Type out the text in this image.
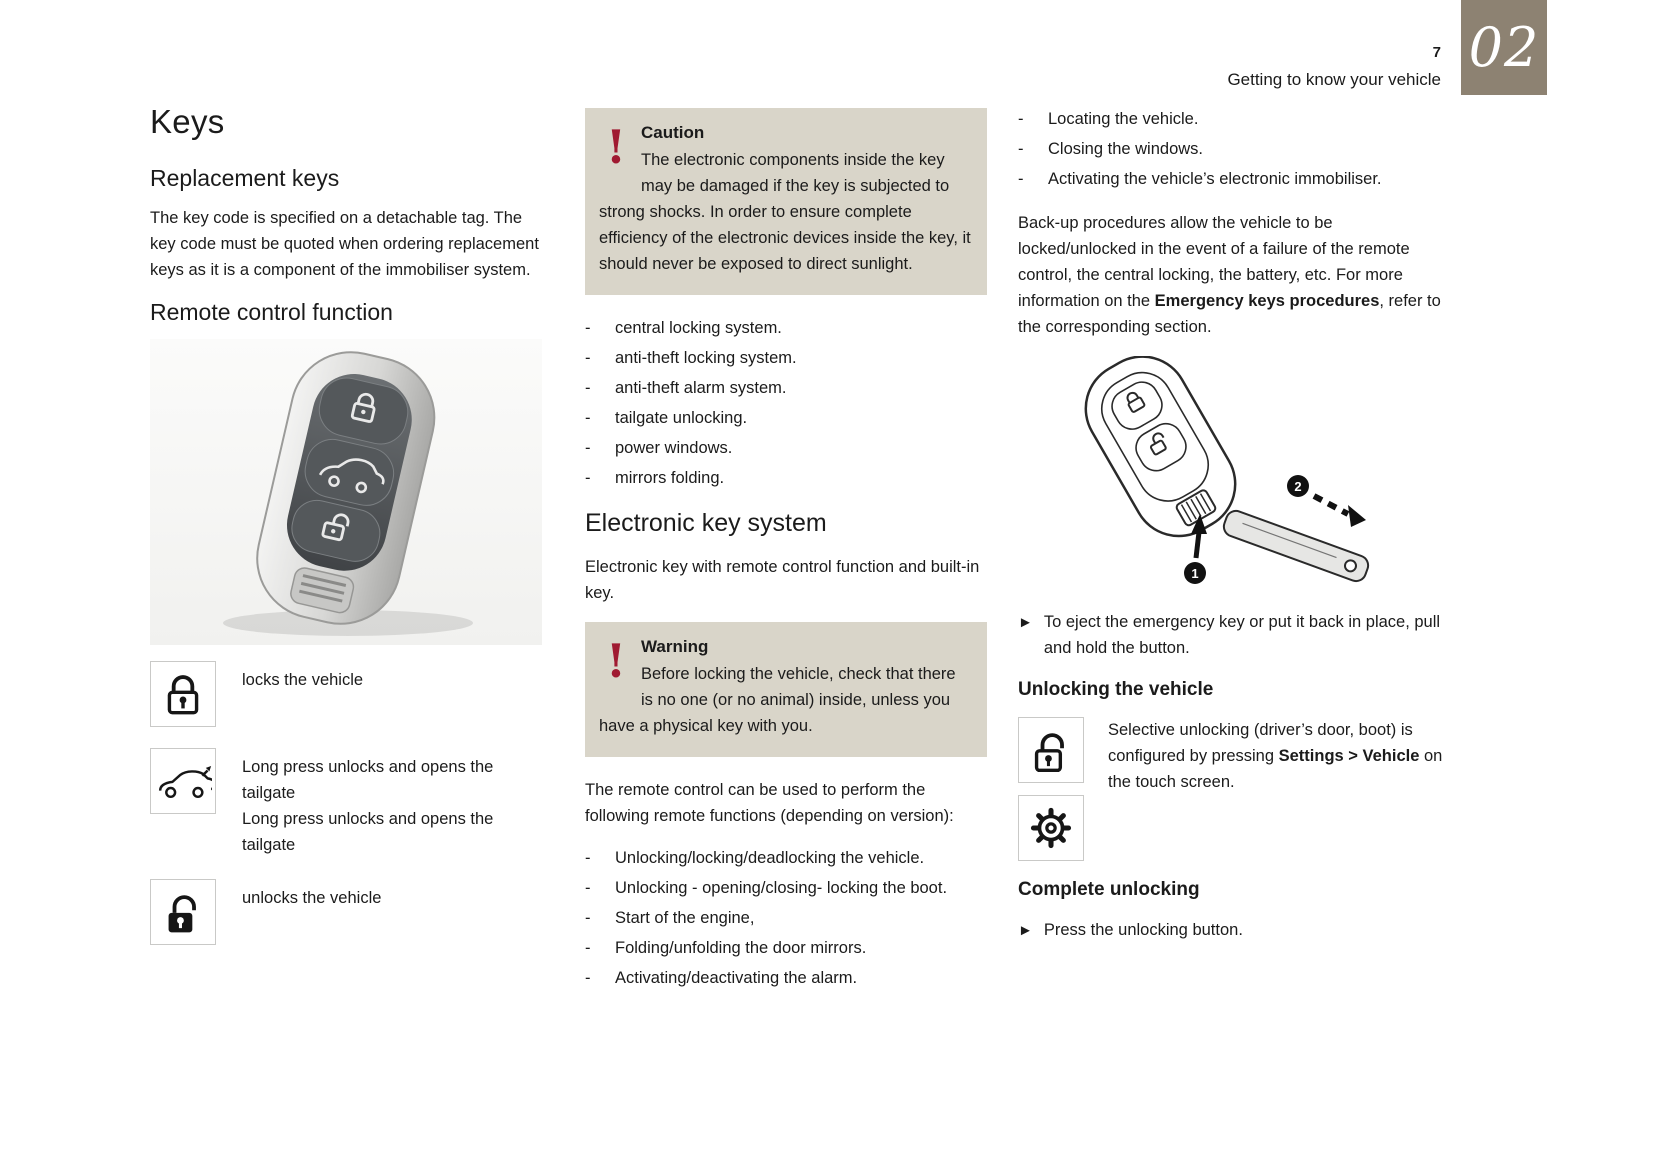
7
Getting to know your vehicle
02
Keys
Replacement keys

The key code is specified on a detachable tag. The key code must be quoted when ordering replacement keys as it is a component of the immobiliser system.

Remote control function
locks the vehicle
Long press unlocks and opens the tailgate
Long press unlocks and opens the tailgate
unlocks the vehicle
! Caution
The electronic components inside the key may be damaged if the key is subjected to strong shocks. In order to ensure complete efficiency of the electronic devices inside the key, it should never be exposed to direct sunlight.
-	central locking system.
-	anti-theft locking system.
-	anti-theft alarm system.
-	tailgate unlocking.
-	power windows.
-	mirrors folding.
Electronic key system

Electronic key with remote control function and built-in key.

! Warning
Before locking the vehicle, check that there is no one (or no animal) inside, unless you have a physical key with you.

The remote control can be used to perform the following remote functions (depending on version):

-	Unlocking/locking/deadlocking the vehicle.
-	Unlocking - opening/closing- locking the boot.
-	Start of the engine,
-	Folding/unfolding the door mirrors.
-	Activating/deactivating the alarm.
-	Locating the vehicle.
-	Closing the windows.
-	Activating the vehicle’s electronic immobiliser.

Back-up procedures allow the vehicle to be locked/unlocked in the event of a failure of the remote control, the central locking, the battery, etc. For more information on the Emergency keys procedures, refer to the corresponding section.

1
2
► To eject the emergency key or put it back in place, pull and hold the button.
Unlocking the vehicle
Selective unlocking (driver’s door, boot) is configured by pressing Settings > Vehicle on the touch screen.
Complete unlocking
► Press the unlocking button.
